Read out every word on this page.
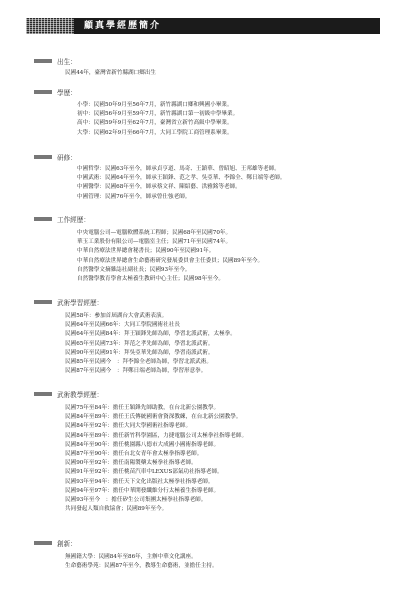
顧真學經歷簡介
出生：
民國44年，臺灣省新竹縣湖口鄉出生
學歷：
小學：民國50年9月至56年7月，新竹縣湖口鄉和興國小畢業。
初中：民國56年9月至59年7月，新竹縣湖口第一初級中學畢業。
高中：民國59年9月至62年7月，臺灣省立新竹高級中學畢業。
大學：民國62年9月至66年7月，大同工學院工商管理系畢業。
研修：
中國哲學：民國63年至今，師承貞亨道、馬奇、王鎮華、曾昭旭、王邦雄等老師。
中國武術：民國64年至今，師承王穎鋒、范之孝、吳亞華、李錦全、鄭日端等老師。
中國醫學：民國68年至今，師承蔡文祥、陳紹藝、洪雅銘等老師。
中國管理：民國76年至今，師承曾仕強老師。
工作經歷：
中央電腦公司—電腦軟體系統工程師；民國68年至民國70年。
華玉工業股份有限公司—電腦室主任；民國71年至民國74年。
中華自然療法世界總會秘書長；民國90年至民國91年。
中華自然療法世界總會生命藝術研究發展委員會主任委員；民國89年至今。
自然醫學文摘雜誌社副社長；民國93年至今。
自然醫學教育學會太極養生教研中心主任；民國98年至今。
武術學習經歷：
民國58年：參加首屆湖台大會武術表演。
民國64年至民國66年：大同工學院國術社社長
民國64年至民國84年：拜王穎鋒先師為師，學習北派武術，太極拳。
民國65年至民國73年：拜范之孝先師為師，學習北派武術。
民國90年至民國91年：拜吳亞華先師為師，學習南派武術。
民國85年至民國今　：拜李錦全老師為師，學習北派武術。
民國87年至民國今　：拜鄭日端老師為師，學習形意拳。
武術教學經歷：
民國75年至84年：擔任王穎鋒先師助教，在台北新公園教學。
民國84年至89年：擔任王氏傳統國術會資深教練，在台北新公園教學。
民國84年至92年：擔任大同大學國術社指導老師。
民國84年至89年：擔任新竹科學園區，力捷電腦公司太極拳社指導老師。
民國84年至90年：擔任桃園縣八德市大成國小國術指導老師。
民國87年至90年：擔任台北女青年會太極拳指導老師。
民國90年至92年：擔任南陽製藥太極拳社指導老師。
民國91年至92年：擔任桃苗汽車中LEXUS部氣功社指導老師。
民國93年至94年：擔任天下文化出版社太極拳社指導老師。
民國94年至97年：擔任中華開發纖維分行太極養生指導老師。
民國93年至今　：擔任矽生公司集團太極拳社指導老師。
共同發起人類自救協會；民國89年至今。
創新：
無國籍大學：民國84年至86年，主辦中華文化講座。
生命藝術學苑：民國87年至今，教導生命藝術，並擔任主持。
